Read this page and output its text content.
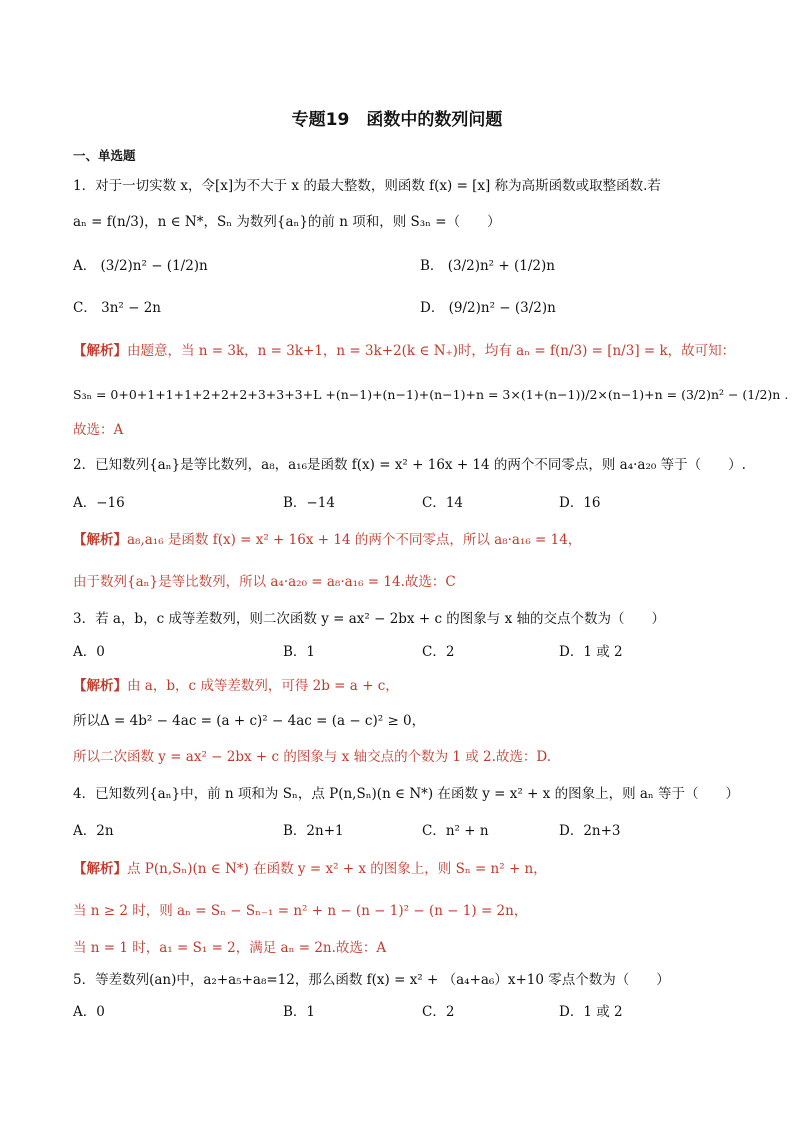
专题19　函数中的数列问题
一、单选题
1．对于一切实数 x，令[x]为不大于 x 的最大整数，则函数 f(x) = [x] 称为高斯函数或取整函数.若
aₙ = f(n/3)，n ∈ N*，Sₙ 为数列{aₙ}的前 n 项和，则 S₃ₙ =（　　）
A． (3/2)n² − (1/2)n	B． (3/2)n² + (1/2)n
C． 3n² − 2n	D． (9/2)n² − (3/2)n
【解析】由题意，当 n = 3k，n = 3k+1，n = 3k+2(k ∈ N₊)时，均有 aₙ = f(n/3) = [n/3] = k，故可知：
S₃ₙ = 0+0+1+1+1+2+2+2+3+3+3+L +(n−1)+(n−1)+(n−1)+n = 3×(1+(n−1))/2×(n−1)+n = (3/2)n² − (1/2)n .
故选：A
2．已知数列{aₙ}是等比数列，a₈，a₁₆是函数 f(x) = x² + 16x + 14 的两个不同零点，则 a₄·a₂₀ 等于（　　）.
A．−16	B．−14	C．14	D．16
【解析】a₈,a₁₆ 是函数 f(x) = x² + 16x + 14 的两个不同零点，所以 a₈·a₁₆ = 14，
由于数列{aₙ}是等比数列，所以 a₄·a₂₀ = a₈·a₁₆ = 14.故选：C
3．若 a，b，c 成等差数列，则二次函数 y = ax² − 2bx + c 的图象与 x 轴的交点个数为（　　）
A．0	B．1	C．2	D．1 或 2
【解析】由 a，b，c 成等差数列，可得 2b = a + c，
所以Δ = 4b² − 4ac = (a + c)² − 4ac = (a − c)² ≥ 0，
所以二次函数 y = ax² − 2bx + c 的图象与 x 轴交点的个数为 1 或 2.故选：D.
4．已知数列{aₙ}中，前 n 项和为 Sₙ，点 P(n,Sₙ)(n ∈ N*) 在函数 y = x² + x 的图象上，则 aₙ 等于（　　）
A．2n	B．2n+1	C．n² + n	D．2n+3
【解析】点 P(n,Sₙ)(n ∈ N*) 在函数 y = x² + x 的图象上，则 Sₙ = n² + n，
当 n ≥ 2 时，则 aₙ = Sₙ − Sₙ₋₁ = n² + n − (n − 1)² − (n − 1) = 2n，
当 n = 1 时，a₁ = S₁ = 2，满足 aₙ = 2n.故选：A
5．等差数列(an)中，a₂+a₅+a₈=12，那么函数 f(x) = x² + （a₄+a₆）x+10 零点个数为（　　）
A．0	B．1	C．2	D．1 或 2
